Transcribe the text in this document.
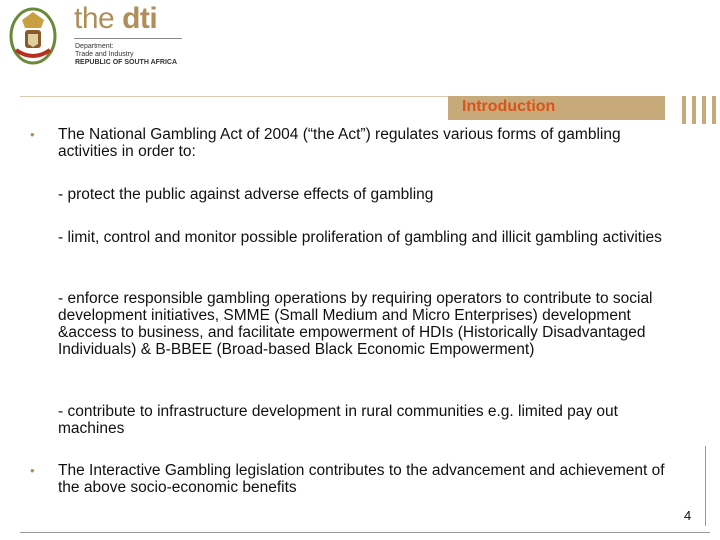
the dti
Department:
Trade and Industry
REPUBLIC OF SOUTH AFRICA
Introduction
• The National Gambling Act of 2004 (“the Act”) regulates various forms of gambling activities in order to:
- protect the public against adverse effects of gambling
- limit, control and monitor possible proliferation of gambling and illicit gambling activities
- enforce responsible gambling operations by requiring operators to contribute to social development initiatives, SMME (Small Medium and Micro Enterprises) development &access to business, and facilitate empowerment of HDIs (Historically Disadvantaged Individuals) & B-BBEE (Broad-based Black Economic Empowerment)
- contribute to infrastructure development in rural communities e.g. limited pay out machines
• The Interactive Gambling legislation contributes to the advancement and achievement of the above socio-economic benefits
4
